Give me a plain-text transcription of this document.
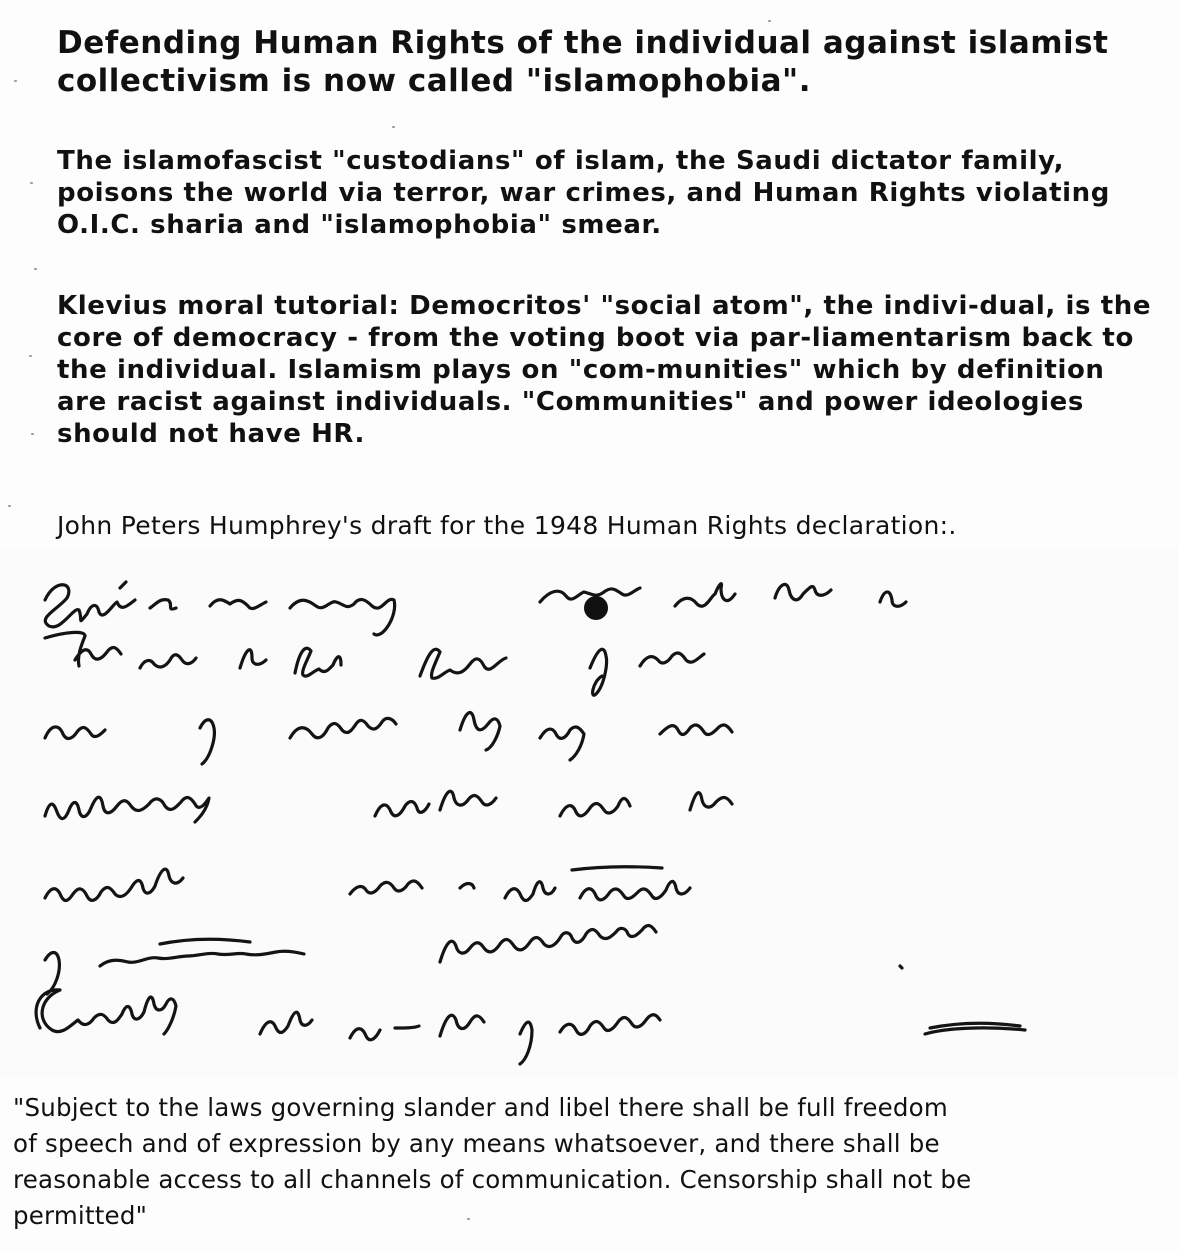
Defending Human Rights of the individual against islamist collectivism is now called "islamophobia".

The islamofascist "custodians" of islam, the Saudi dictator family, poisons the world via terror, war crimes, and Human Rights violating O.I.C. sharia and "islamophobia" smear.

Klevius moral tutorial: Democritos' "social atom", the indivi-dual, is the core of democracy - from the voting boot via par-liamentarism back to the individual. Islamism plays on "com-munities" which by definition are racist against individuals. "Communities" and power ideologies should not have HR.

John Peters Humphrey's draft for the 1948 Human Rights declaration:.

"Subject to the laws governing slander and libel there shall be full freedom
of speech and of expression by any means whatsoever, and there shall be
reasonable access to all channels of communication. Censorship shall not be
permitted"
